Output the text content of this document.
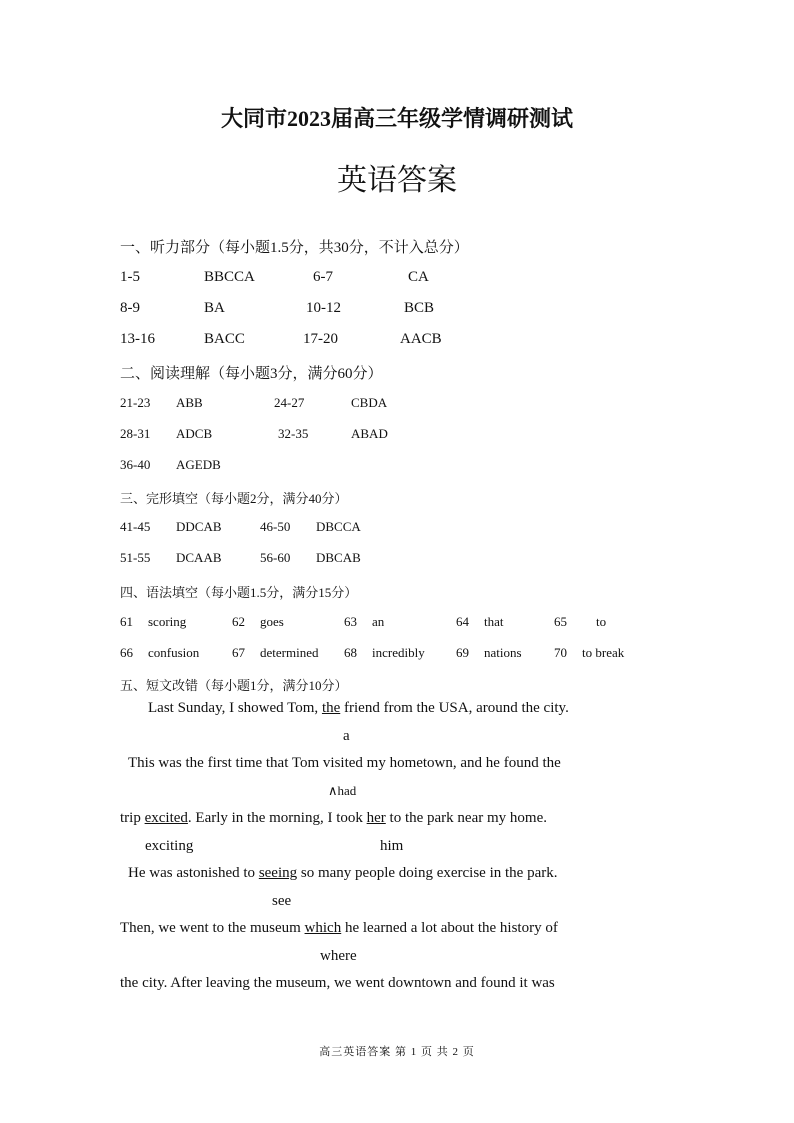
大同市2023届高三年级学情调研测试
英语答案
一、听力部分（每小题1.5分，共30分，不计入总分）
1-5	BBCCA	6-7	CA
8-9	BA	10-12	BCB
13-16	BACC	17-20	AACB
二、阅读理解（每小题3分，满分60分）
21-23 ABB	24-27	CBDA
28-31 ADCB	32-35	ABAD
36-40 AGEDB
三、完形填空（每小题2分，满分40分）
41-45 DDCAB	46-50 DBCCA
51-55 DCAAB	56-60 DBCAB
四、语法填空（每小题1.5分，满分15分）
61 scoring	62 goes	63 an	64 that	65 to
66 confusion	67 determined 68 incredibly 69 nations 70 to break
五、短文改错（每小题1分，满分10分）
Last Sunday, I showed Tom, the friend from the USA, around the city.
a
This was the first time that Tom visited my hometown, and he found the
∧had
trip excited. Early in the morning, I took her to the park near my home.
exciting	him
He was astonished to seeing so many people doing exercise in the park.
see
Then, we went to the museum which he learned a lot about the history of
where
the city. After leaving the museum, we went downtown and found it was
高三英语答案 第 1 页 共 2 页
